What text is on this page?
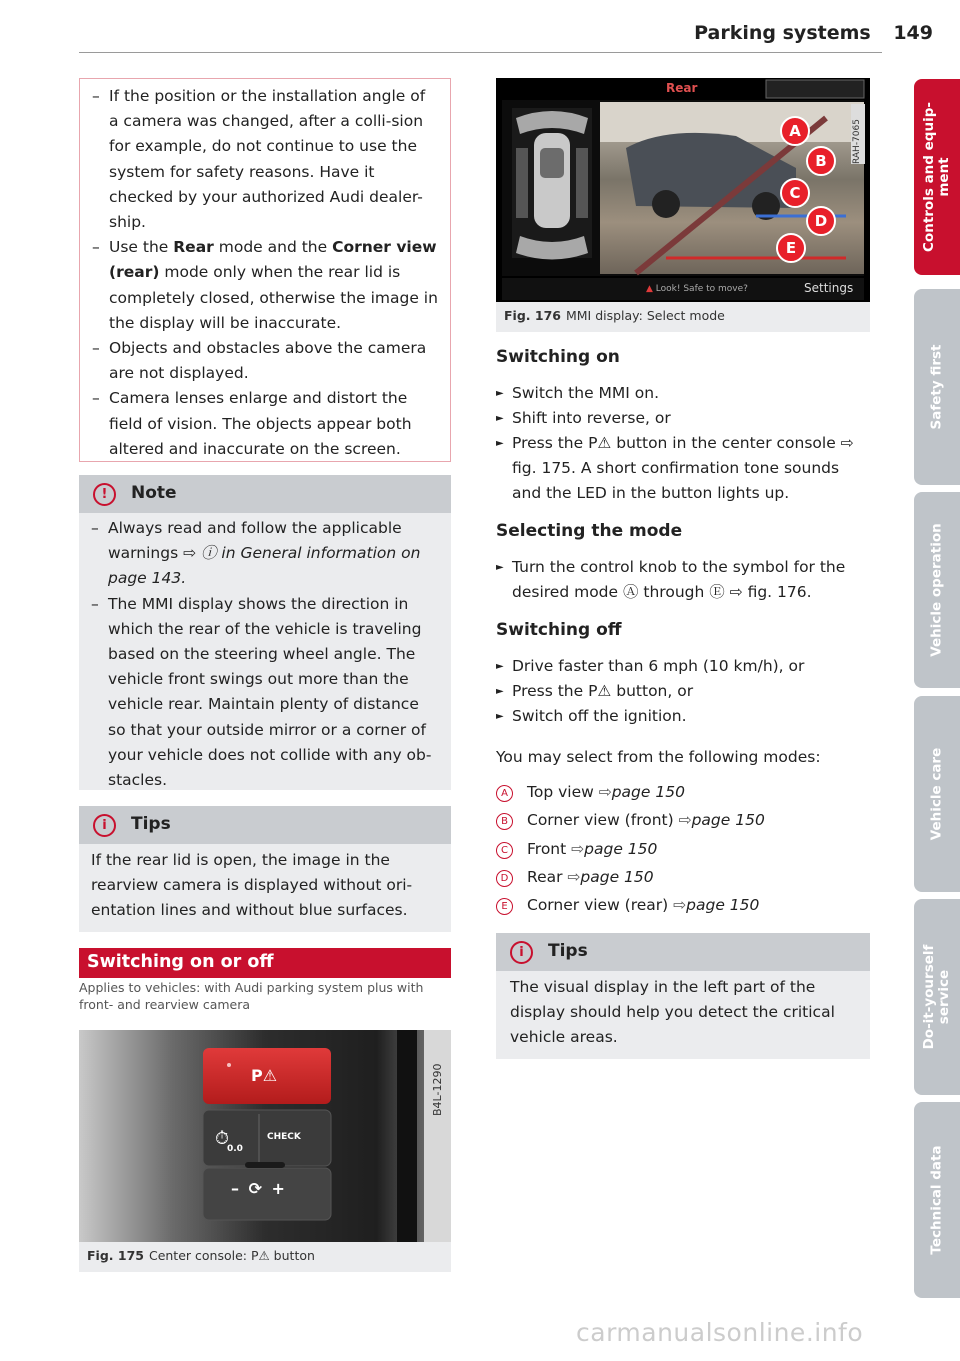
Parking systems 149
Controls and equip-
ment
Safety first
Vehicle operation
Vehicle care
Do-it-yourself
service
Technical data
– If the position or the installation angle of a camera was changed, after a colli-sion for example, do not continue to use the system for safety reasons. Have it checked by your authorized Audi dealer-ship.
– Use the Rear mode and the Corner view (rear) mode only when the rear lid is completely closed, otherwise the image in the display will be inaccurate.
– Objects and obstacles above the camera are not displayed.
– Camera lenses enlarge and distort the field of vision. The objects appear both altered and inaccurate on the screen.
!	Note
– Always read and follow the applicable warnings ⇨ ⓘ in General information on page 143.
– The MMI display shows the direction in which the rear of the vehicle is traveling based on the steering wheel angle. The vehicle front swings out more than the vehicle rear. Maintain plenty of distance so that your outside mirror or a corner of your vehicle does not collide with any ob-stacles.
i	Tips
If the rear lid is open, the image in the rearview camera is displayed without ori-entation lines and without blue surfaces.
Switching on or off
Applies to vehicles: with Audi parking system plus with front- and rearview camera
P⚠
⏱
0.0
CHECK
– ⟳ +
B4L-1290
Fig. 175 Center console: P⚠ button
Rear
▲ Look! Safe to move?	Settings
A
B
C
D
E
RAH-7065
Fig. 176 MMI display: Select mode
Switching on
► Switch the MMI on.
► Shift into reverse, or
► Press the P⚠ button in the center console ⇨ fig. 175. A short confirmation tone sounds and the LED in the button lights up.
Selecting the mode
► Turn the control knob to the symbol for the desired mode Ⓐ through Ⓔ ⇨ fig. 176.
Switching off
► Drive faster than 6 mph (10 km/h), or
► Press the P⚠ button, or
► Switch off the ignition.
You may select from the following modes:
A Top view ⇨page 150
B Corner view (front) ⇨page 150
C Front ⇨page 150
D Rear ⇨page 150
E Corner view (rear) ⇨page 150
i	Tips
The visual display in the left part of the display should help you detect the critical vehicle areas.
carmanualsonline.info
